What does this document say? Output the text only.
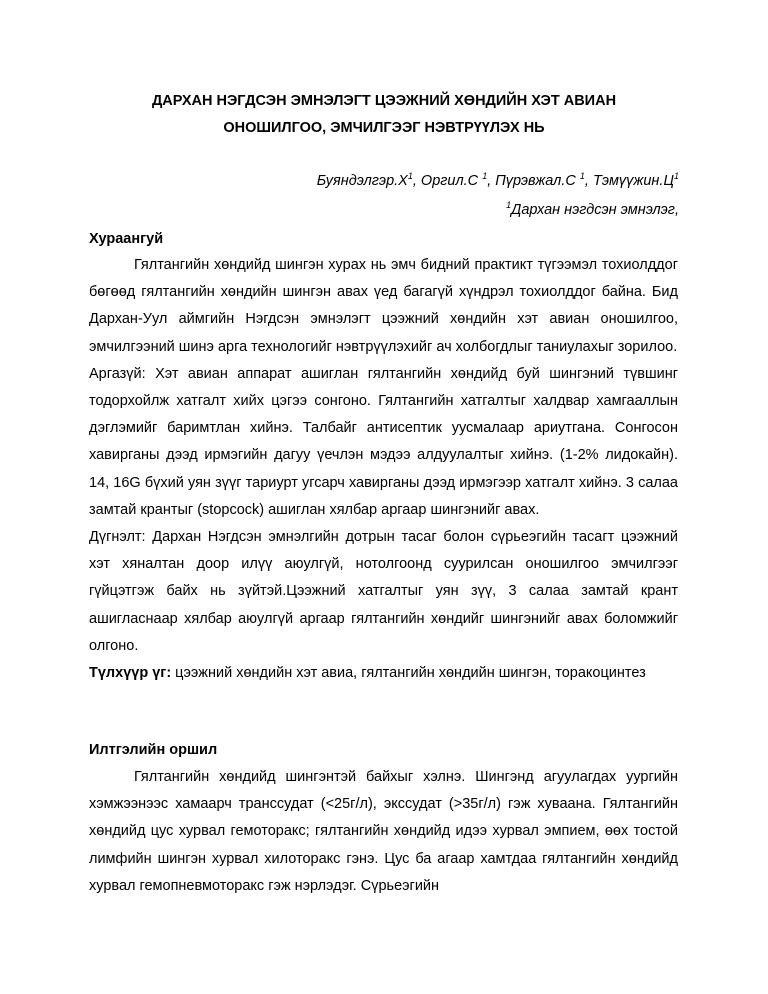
ДАРХАН НЭГДСЭН ЭМНЭЛЭГТ ЦЭЭЖНИЙ ХӨНДИЙН ХЭТ АВИАН
ОНОШИЛГОО, ЭМЧИЛГЭЭГ НЭВТРҮҮЛЭХ НЬ
$Буяндэлгэр.Х^1$, Оргил.С $^1$, Пүрэвжал.С $^1$, $Тэмүүжин.Ц^1$
$^1$Дархан нэгдсэн эмнэлэг,
Хураангуй
Гялтангийн хөндийд шингэн хурах нь эмч бидний практикт түгээмэл тохиолддог бөгөөд гялтангийн хөндийн шингэн авах үед багагүй хүндрэл тохиолддог байна. Бид Дархан-Уул аймгийн Нэгдсэн эмнэлэгт цээжний хөндийн хэт авиан оношилгоо, эмчилгээний шинэ арга технологийг нэвтрүүлэхийг ач холбогдлыг таниулахыг зорилоо.
Аргазүй: Хэт авиан аппарат ашиглан гялтангийн хөндийд буй шингэний түвшинг тодорхойлж хатгалт хийх цэгээ сонгоно. Гялтангийн хатгалтыг халдвар хамгааллын дэглэмийг баримтлан хийнэ. Талбайг антисептик уусмалаар ариутгана. Сонгосон хавирганы дээд ирмэгийн дагуу үечлэн мэдээ алдуулалтыг хийнэ. (1-2% лидокайн). 14, 16G бүхий уян зүүг тариурт угсарч хавирганы дээд ирмэгээр хатгалт хийнэ. 3 салаа замтай крантыг (stopcock) ашиглан хялбар аргаар шингэнийг авах.
Дүгнэлт: Дархан Нэгдсэн эмнэлгийн дотрын тасаг болон сүрьеэгийн тасагт цээжний хэт хяналтан доор илүү аюулгүй, нотолгоонд суурилсан оношилгоо эмчилгээг гүйцэтгэж байх нь зүйтэй.Цээжний хатгалтыг уян зүү, 3 салаа замтай крант ашигласнаар хялбар аюулгүй аргаар гялтангийн хөндийг шингэнийг авах боломжийг олгоно.
Түлхүүр үг: цээжний хөндийн хэт авиа, гялтангийн хөндийн шингэн, торакоцинтез
Илтгэлийн оршил
Гялтангийн хөндийд шингэнтэй байхыг хэлнэ. Шингэнд агуулагдах уургийн хэмжээнээс хамаарч транссудат (<25г/л), экссудат (>35г/л) гэж хуваана. Гялтангийн хөндийд цус хурвал гемоторакс; гялтангийн хөндийд идээ хурвал эмпием, өөх тостой лимфийн шингэн хурвал хилоторакс гэнэ. Цус ба агаар хамтдаа гялтангийн хөндийд хурвал гемопневмоторакс гэж нэрлэдэг. Сүрьеэгийн
